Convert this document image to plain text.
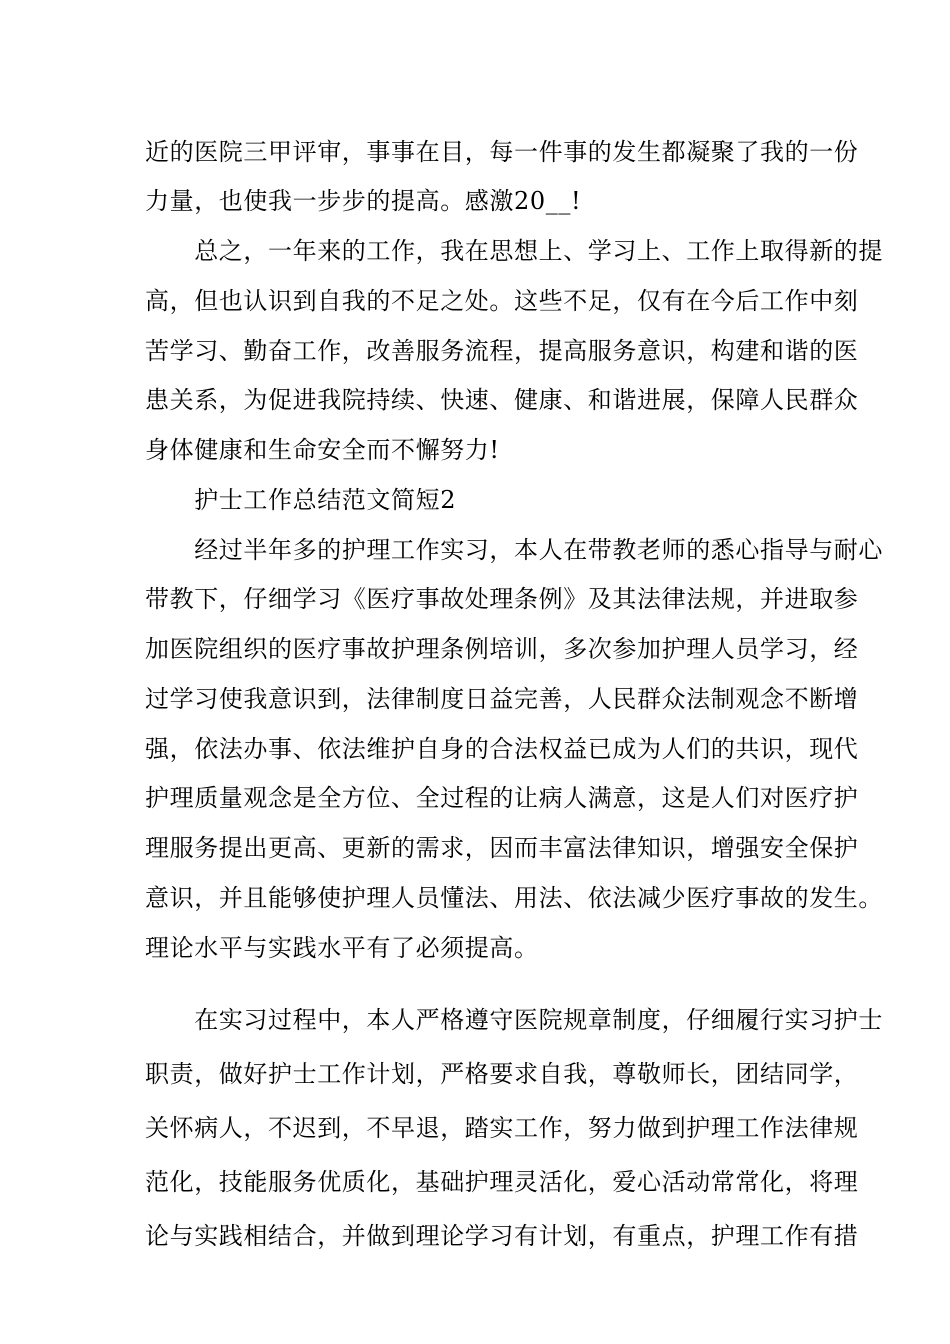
近的医院三甲评审，事事在目，每一件事的发生都凝聚了我的一份
力量，也使我一步步的提高。感激20__!
　　总之，一年来的工作，我在思想上、学习上、工作上取得新的提
高，但也认识到自我的不足之处。这些不足，仅有在今后工作中刻
苦学习、勤奋工作，改善服务流程，提高服务意识，构建和谐的医
患关系，为促进我院持续、快速、健康、和谐进展，保障人民群众
身体健康和生命安全而不懈努力!
　　护士工作总结范文简短2
　　经过半年多的护理工作实习，本人在带教老师的悉心指导与耐心
带教下，仔细学习《医疗事故处理条例》及其法律法规，并进取参
加医院组织的医疗事故护理条例培训，多次参加护理人员学习，经
过学习使我意识到，法律制度日益完善，人民群众法制观念不断增
强，依法办事、依法维护自身的合法权益已成为人们的共识，现代
护理质量观念是全方位、全过程的让病人满意，这是人们对医疗护
理服务提出更高、更新的需求，因而丰富法律知识，增强安全保护
意识，并且能够使护理人员懂法、用法、依法减少医疗事故的发生。
理论水平与实践水平有了必须提高。
　　在实习过程中，本人严格遵守医院规章制度，仔细履行实习护士
职责，做好护士工作计划，严格要求自我，尊敬师长，团结同学，
关怀病人，不迟到，不早退，踏实工作，努力做到护理工作法律规
范化，技能服务优质化，基础护理灵活化，爱心活动常常化，将理
论与实践相结合，并做到理论学习有计划，有重点，护理工作有措
